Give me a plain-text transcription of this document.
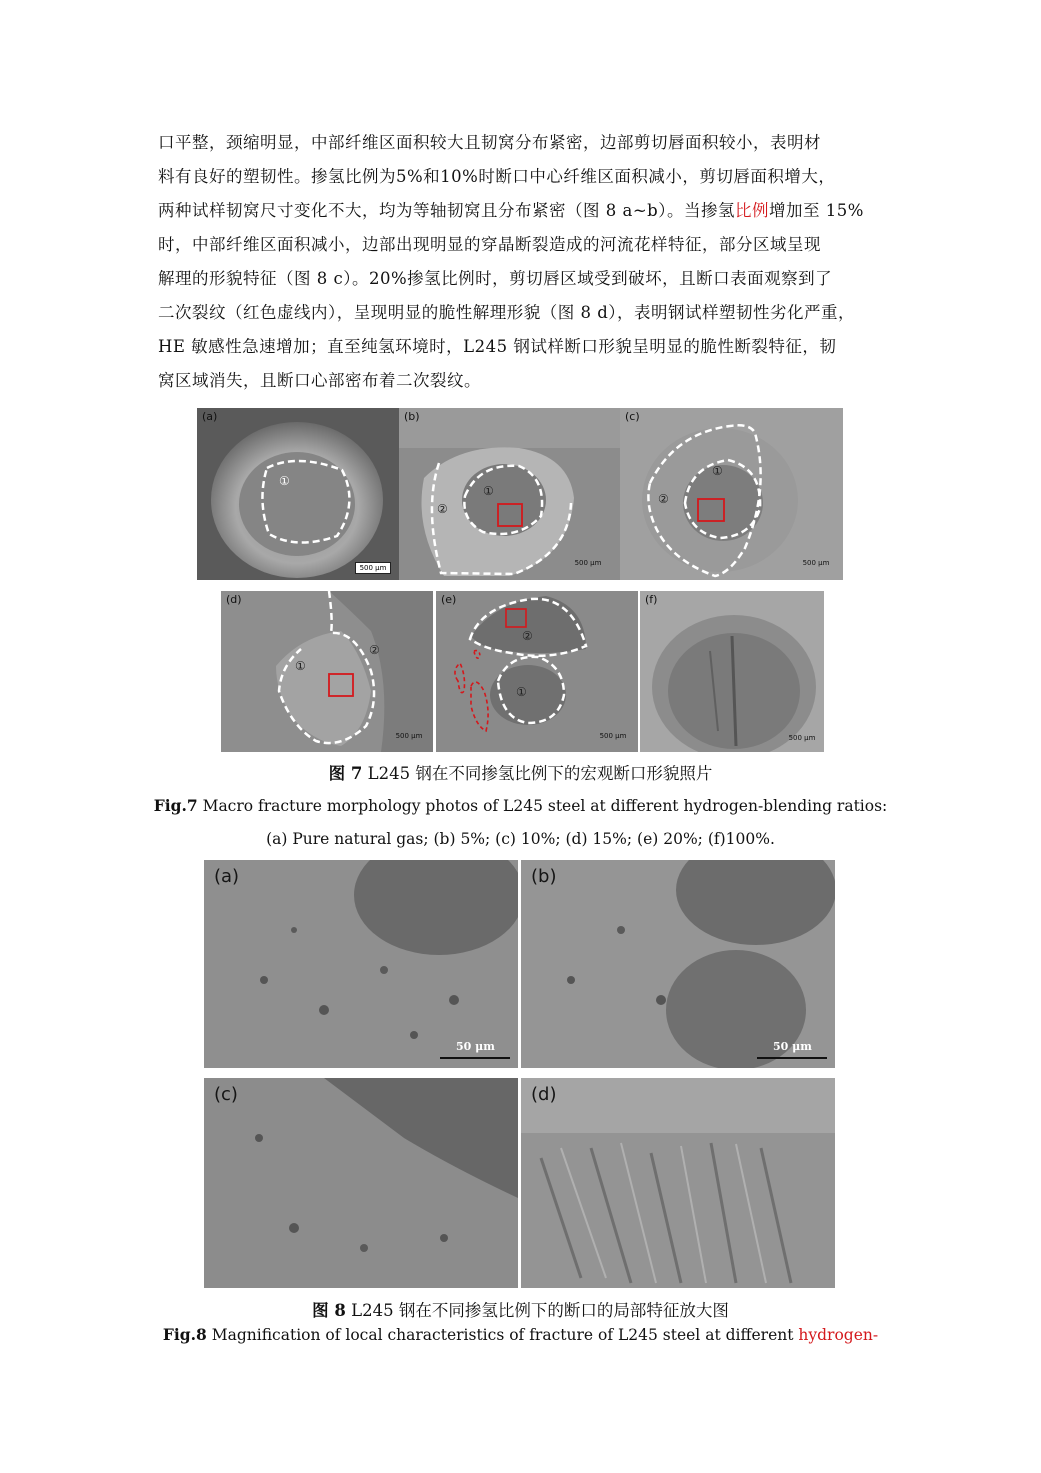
口平整，颈缩明显，中部纤维区面积较大且韧窝分布紧密，边部剪切唇面积较小，表明材
料有良好的塑韧性。掺氢比例为5%和10%时断口中心纤维区面积减小，剪切唇面积增大，
两种试样韧窝尺寸变化不大，均为等轴韧窝且分布紧密（图 8 a~b）。当掺氢比例增加至 15%
时，中部纤维区面积减小，边部出现明显的穿晶断裂造成的河流花样特征，部分区域呈现
解理的形貌特征（图 8 c）。20%掺氢比例时，剪切唇区域受到破坏，且断口表面观察到了
二次裂纹（红色虚线内），呈现明显的脆性解理形貌（图 8 d），表明钢试样塑韧性劣化严重，
HE 敏感性急速增加；直至纯氢环境时，L245 钢试样断口形貌呈明显的脆性断裂特征，韧
窝区域消失，且断口心部密布着二次裂纹。
(a)
①
500 μm
(b)
①
②
500 μm
(c)
①
②
500 μm
(d)
①
②
500 μm
(e)
①
②
500 μm
(f)
500 μm
图 7 L245 钢在不同掺氢比例下的宏观断口形貌照片
Fig.7 Macro fracture morphology photos of L245 steel at different hydrogen-blending ratios:
(a) Pure natural gas; (b) 5%; (c) 10%; (d) 15%; (e) 20%; (f)100%.
(a)
50 μm
(b)
50 μm
(c)	(d)
图 8 L245 钢在不同掺氢比例下的断口的局部特征放大图
Fig.8 Magnification of local characteristics of fracture of L245 steel at different hydrogen-
